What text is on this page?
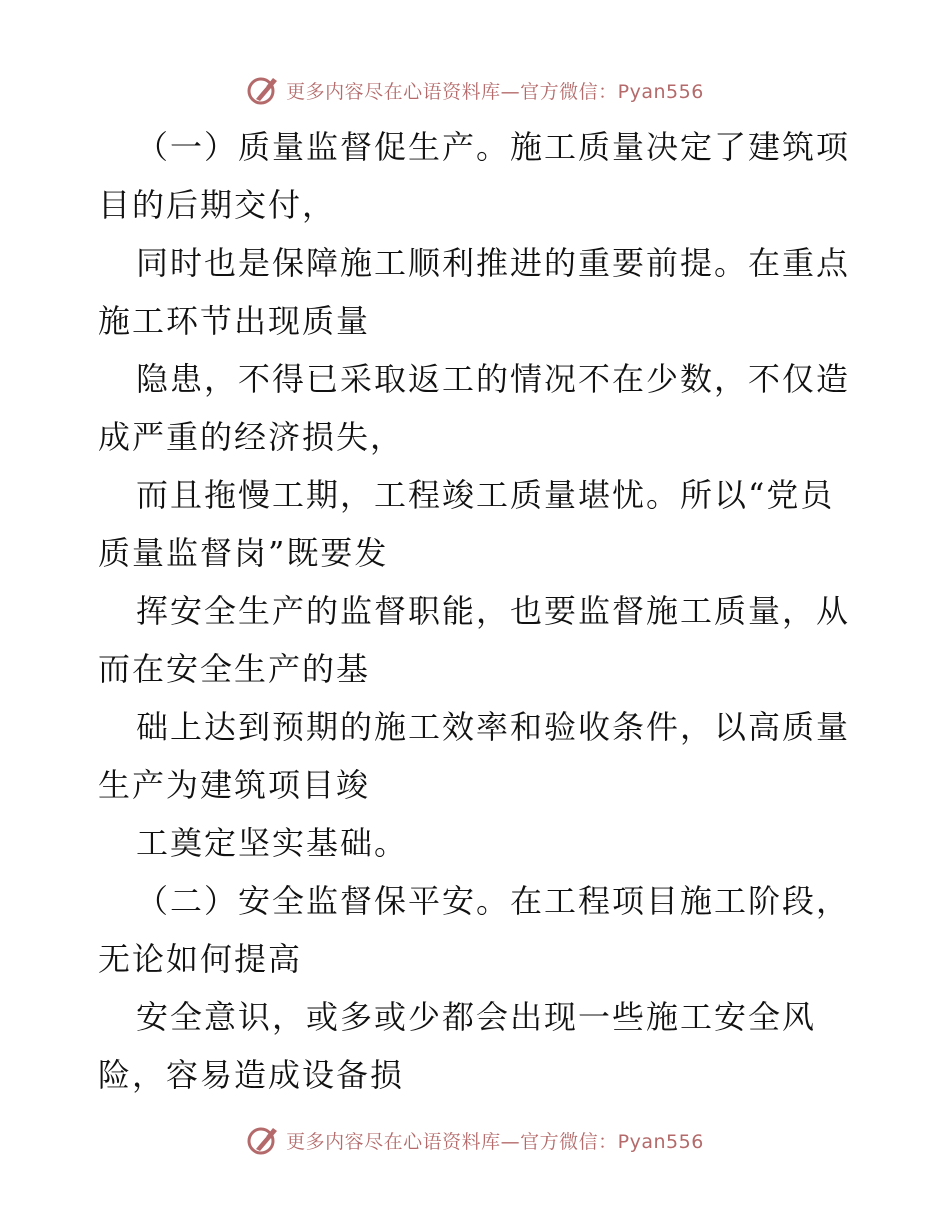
更多内容尽在心语资料库—官方微信：Pyan556
（一）质量监督促生产。施工质量决定了建筑项
目的后期交付，
同时也是保障施工顺利推进的重要前提。在重点
施工环节出现质量
隐患，不得已采取返工的情况不在少数，不仅造
成严重的经济损失，
而且拖慢工期，工程竣工质量堪忧。所以“党员
质量监督岗”既要发
挥安全生产的监督职能，也要监督施工质量，从
而在安全生产的基
础上达到预期的施工效率和验收条件，以高质量
生产为建筑项目竣
工奠定坚实基础。
（二）安全监督保平安。在工程项目施工阶段，
无论如何提高
安全意识，或多或少都会出现一些施工安全风
险，容易造成设备损
更多内容尽在心语资料库—官方微信：Pyan556
